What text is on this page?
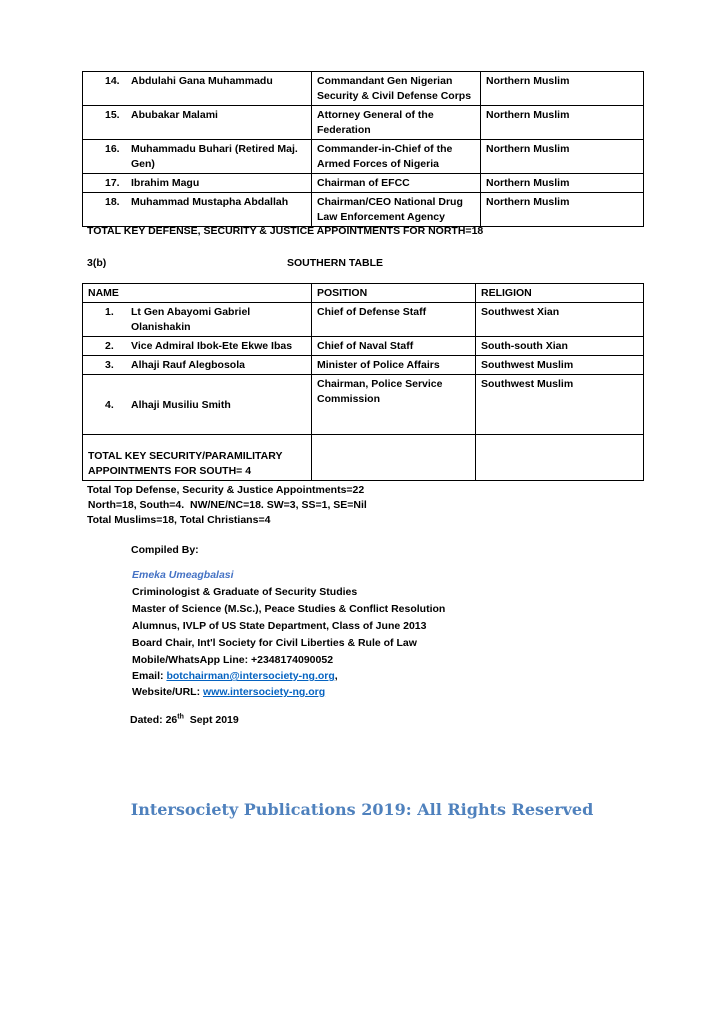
14. Abdulahi Gana Muhammadu	Commandant Gen Nigerian Security & Civil Defense Corps	Northern Muslim

15. Abubakar Malami	Attorney General of the Federation	Northern Muslim

16. Muhammadu Buhari (Retired Maj. Gen)	Commander-in-Chief of the Armed Forces of Nigeria	Northern Muslim

17. Ibrahim Magu	Chairman of EFCC	Northern Muslim

18. Muhammad Mustapha Abdallah	Chairman/CEO National Drug Law Enforcement Agency	Northern Muslim
TOTAL KEY DEFENSE, SECURITY & JUSTICE APPOINTMENTS FOR NORTH=18
3(b)	SOUTHERN TABLE
NAME	POSITION	RELIGION

1. Lt Gen Abayomi Gabriel Olanishakin	Chief of Defense Staff	Southwest Xian

2. Vice Admiral Ibok-Ete Ekwe Ibas	Chief of Naval Staff	South-south Xian

3. Alhaji Rauf Alegbosola	Minister of Police Affairs	Southwest Muslim

4. Alhaji Musiliu Smith	Chairman, Police Service Commission	Southwest Muslim

TOTAL KEY SECURITY/PARAMILITARY
APPOINTMENTS FOR SOUTH= 4		

Total Top Defense, Security & Justice Appointments=22
North=18, South=4.  NW/NE/NC=18. SW=3, SS=1, SE=Nil
Total Muslims=18, Total Christians=4
Compiled By:
Emeka Umeagbalasi
Criminologist & Graduate of Security Studies
Master of Science (M.Sc.), Peace Studies & Conflict Resolution
Alumnus, IVLP of US State Department, Class of June 2013
Board Chair, Int'l Society for Civil Liberties & Rule of Law
Mobile/WhatsApp Line: +2348174090052
Email: botchairman@intersociety-ng.org,
Website/URL: www.intersociety-ng.org
Dated: 26th  Sept 2019
Intersociety Publications 2019: All Rights Reserved
